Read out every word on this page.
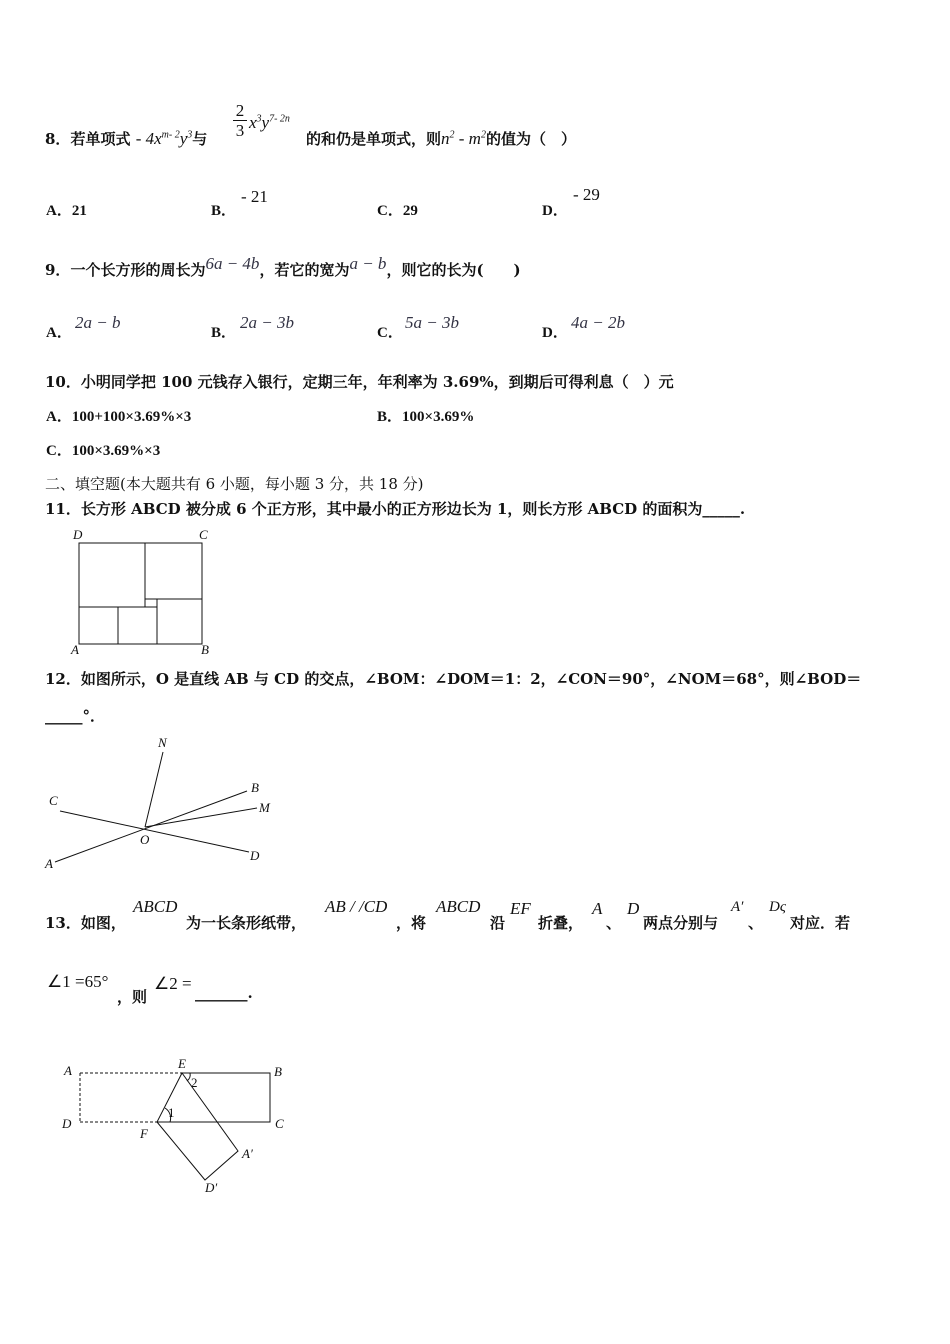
8．若单项式 - $4x^{m- 2}y^3$与 $\frac{2}{3} x^3y^{7- 2n}$
的和仍是单项式，则$n^2 - m^2$的值为（　）
A．21	B．
- 21
C．29	D．
- 29
9．一个长方形的周长为6a − 4b，若它的宽为a − b，则它的长为(　　)
A．
2a − b
B．
2a − 3b
C．
5a − 3b
D．
4a − 2b
10．小明同学把 100 元钱存入银行，定期三年，年利率为 3.69%，到期后可得利息（　）元
A．100+100×3.69%×3	B．100×3.69%
C．100×3.69%×3
二、填空题(本大题共有 6 小题，每小题 3 分，共 18 分)
11．长方形 ABCD 被分成 6 个正方形，其中最小的正方形边长为 1，则长方形 ABCD 的面积为_____.
D	C
A	B
12．如图所示，O 是直线 AB 与 CD 的交点，∠BOM：∠DOM＝1：2，∠CON＝90°，∠NOM＝68°，则∠BOD＝
_____°．
N
B
M
C
O
A
D
13．如图，
ABCD
为一长条形纸带，
AB / /CD
，将
ABCD
沿
EF
折叠，
A
、
D
两点分别与
A′
、
Dς
对应．若
∠1 =65°
，则
∠2 = _______.
A	E
B
D
F
C
A′
D′
1
2
